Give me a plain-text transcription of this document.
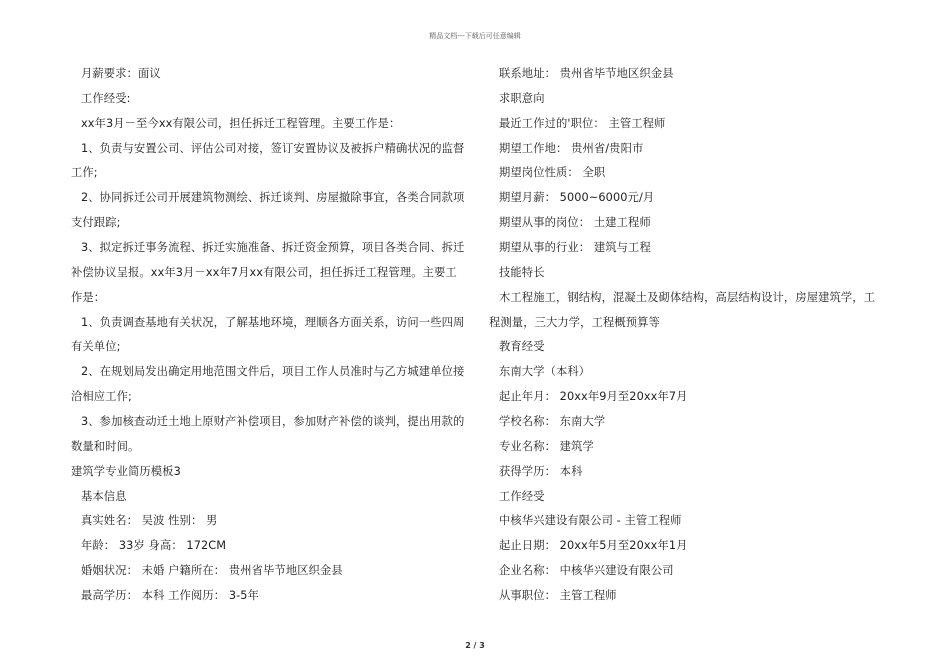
精品文档---下载后可任意编辑
月薪要求：面议
工作经受:
xx年3月－至今xx有限公司，担任拆迁工程管理。主要工作是：
1、负责与安置公司、评估公司对接，签订安置协议及被拆户精确状况的监督
工作;
2、协同拆迁公司开展建筑物测绘、拆迁谈判、房屋撤除事宜，各类合同款项
支付跟踪;
3、拟定拆迁事务流程、拆迁实施准备、拆迁资金预算，项目各类合同、拆迁
补偿协议呈报。xx年3月－xx年7月xx有限公司，担任拆迁工程管理。主要工
作是：
1、负责调查基地有关状况，了解基地环境，理顺各方面关系，访问一些四周
有关单位;
2、在规划局发出确定用地范围文件后，项目工作人员准时与乙方城建单位接
洽相应工作;
3、参加核查动迁土地上原财产补偿项目，参加财产补偿的谈判，提出用款的
数量和时间。
建筑学专业简历模板3
基本信息
真实姓名： 吴波 性别： 男
年龄： 33岁 身高： 172CM
婚姻状况： 未婚 户籍所在： 贵州省毕节地区织金县
最高学历： 本科 工作阅历： 3-5年
联系地址： 贵州省毕节地区织金县
求职意向
最近工作过的'职位： 主管工程师
期望工作地： 贵州省/贵阳市
期望岗位性质： 全职
期望月薪： 5000~6000元/月
期望从事的岗位： 土建工程师
期望从事的行业： 建筑与工程
技能特长
木工程施工，钢结构，混凝土及砌体结构，高层结构设计，房屋建筑学，工
程测量，三大力学，工程概预算等
教育经受
东南大学（本科）
起止年月： 20xx年9月至20xx年7月
学校名称： 东南大学
专业名称： 建筑学
获得学历： 本科
工作经受
中核华兴建设有限公司 - 主管工程师
起止日期： 20xx年5月至20xx年1月
企业名称： 中核华兴建设有限公司
从事职位： 主管工程师
2 / 3
